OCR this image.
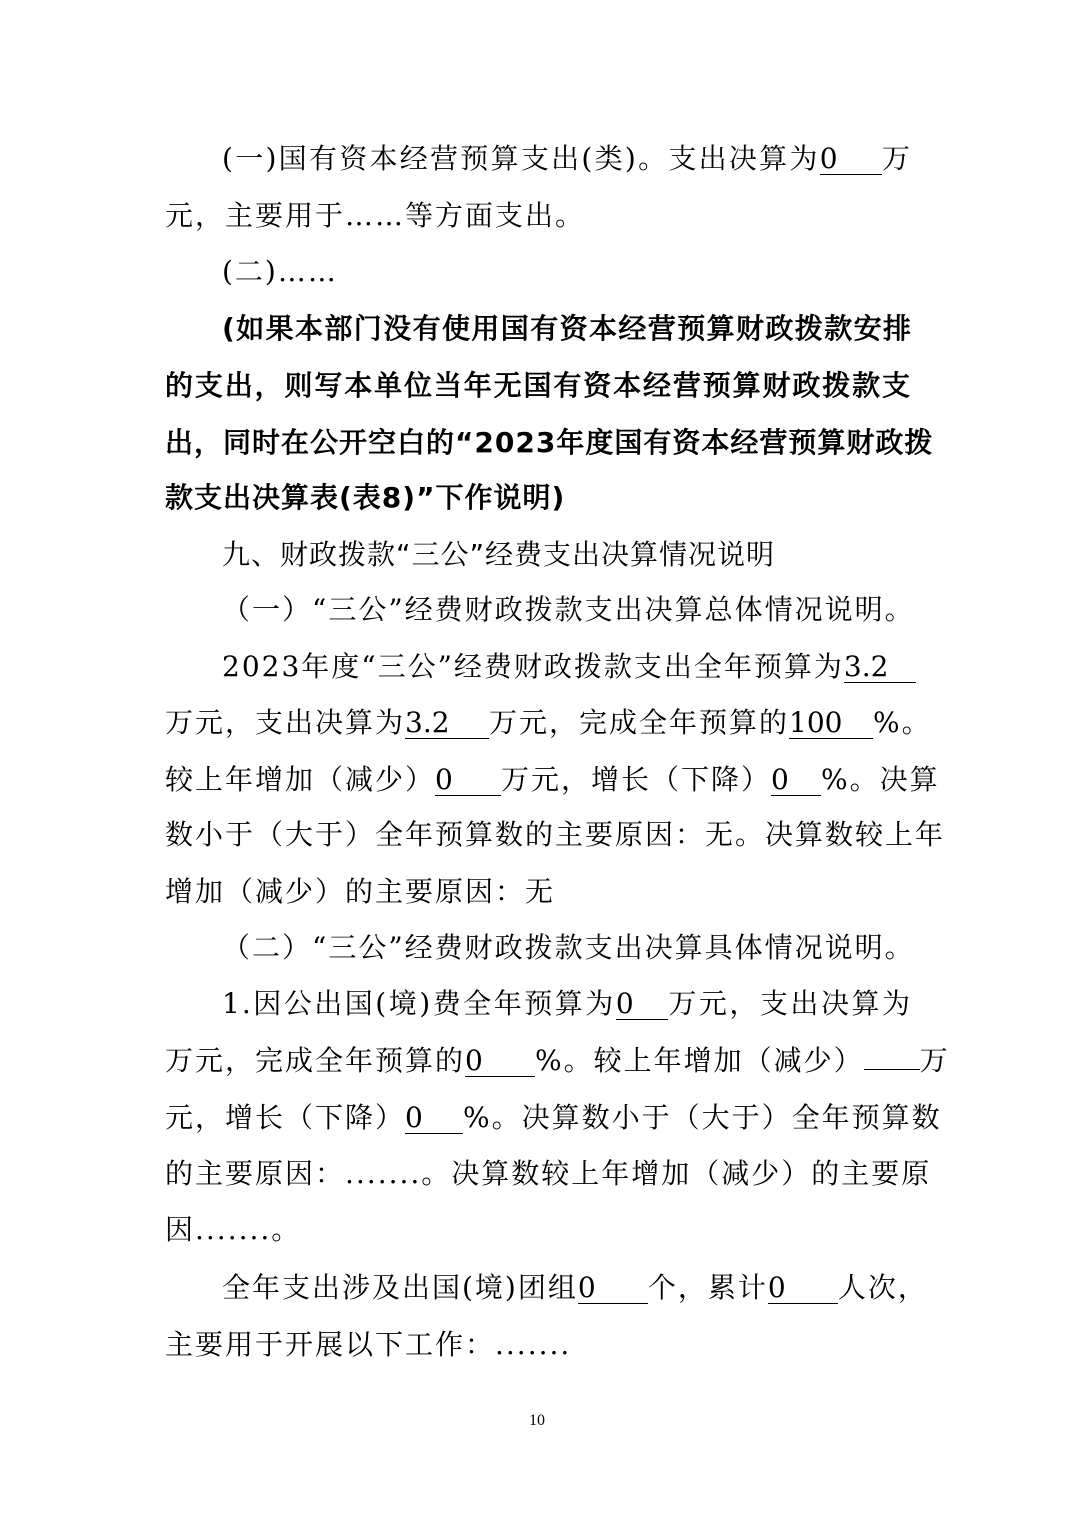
(一)国有资本经营预算支出(类)。支出决算为0 万

元，主要用于……等方面支出。

(二)……

(如果本部门没有使用国有资本经营预算财政拨款安排

的支出，则写本单位当年无国有资本经营预算财政拨款支

出，同时在公开空白的“2023年度国有资本经营预算财政拨

款支出决算表(表8)”下作说明)

九、财政拨款“三公”经费支出决算情况说明

（一）“三公”经费财政拨款支出决算总体情况说明。

2023年度“三公”经费财政拨款支出全年预算为3.2

万元，支出决算为3.2 万元，完成全年预算的100 %。

较上年增加（减少）0 万元，增长（下降）0 %。决算

数小于（大于）全年预算数的主要原因：无。决算数较上年

增加（减少）的主要原因：无

（二）“三公”经费财政拨款支出决算具体情况说明。

1.因公出国(境)费全年预算为0 万元，支出决算为

万元，完成全年预算的0 %。较上年增加（减少） 万

元，增长（下降）0 %。决算数小于（大于）全年预算数

的主要原因：.......。决算数较上年增加（减少）的主要原

因.......。

全年支出涉及出国(境)团组0 个，累计0 人次，

主要用于开展以下工作：.......

10
